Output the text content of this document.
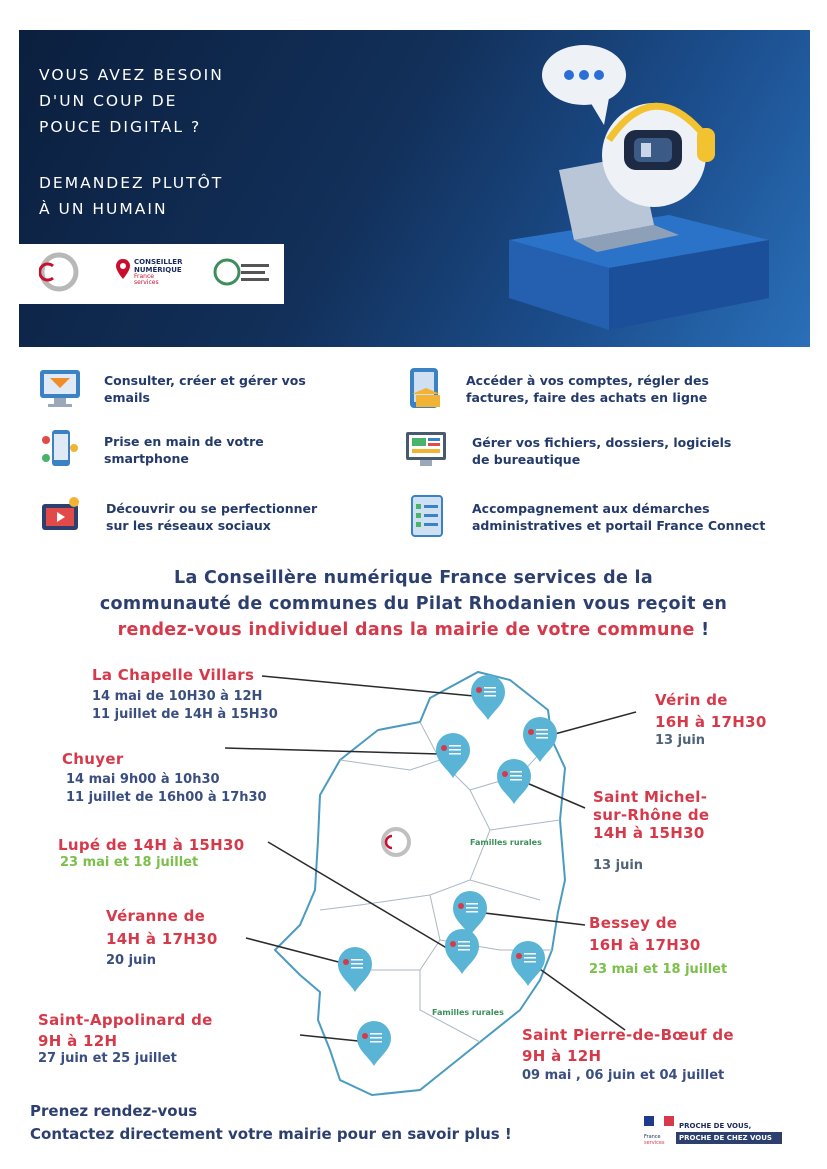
VOUS AVEZ BESOIN
D'UN COUP DE
POUCE DIGITAL ?
DEMANDEZ PLUTÔT
À UN HUMAIN
CONSEILLER
NUMÉRIQUE
France
services
Consulter, créer et gérer vos
emails
Accéder à vos comptes, régler des
factures, faire des achats en ligne
Prise en main de votre
smartphone
Gérer vos fichiers, dossiers, logiciels
de bureautique
Découvrir ou se perfectionner
sur les réseaux sociaux
Accompagnement aux démarches
administratives et portail France Connect
La Conseillère numérique France services de la
communauté de communes du Pilat Rhodanien vous reçoit en
rendez-vous individuel dans la mairie de votre commune !
Familles rurales
Familles rurales
La Chapelle Villars
14 mai de 10H30 à 12H
11 juillet de 14H à 15H30
Chuyer
14 mai 9h00 à 10h30
11 juillet de 16h00 à 17h30
Lupé de 14H à 15H30
23 mai et 18 juillet
Véranne de
14H à 17H30
20 juin
Saint-Appolinard de
9H à 12H
27 juin et 25 juillet
Vérin de
16H à 17H30
13 juin
Saint Michel-
sur-Rhône de
14H à 15H30
13 juin
Bessey de
16H à 17H30
23 mai et 18 juillet
Saint Pierre-de-Bœuf de
9H à 12H
09 mai , 06 juin et 04 juillet
Prenez rendez-vous
Contactez directement votre mairie pour en savoir plus !	France
services
PROCHE DE VOUS,
PROCHE DE CHEZ VOUS
